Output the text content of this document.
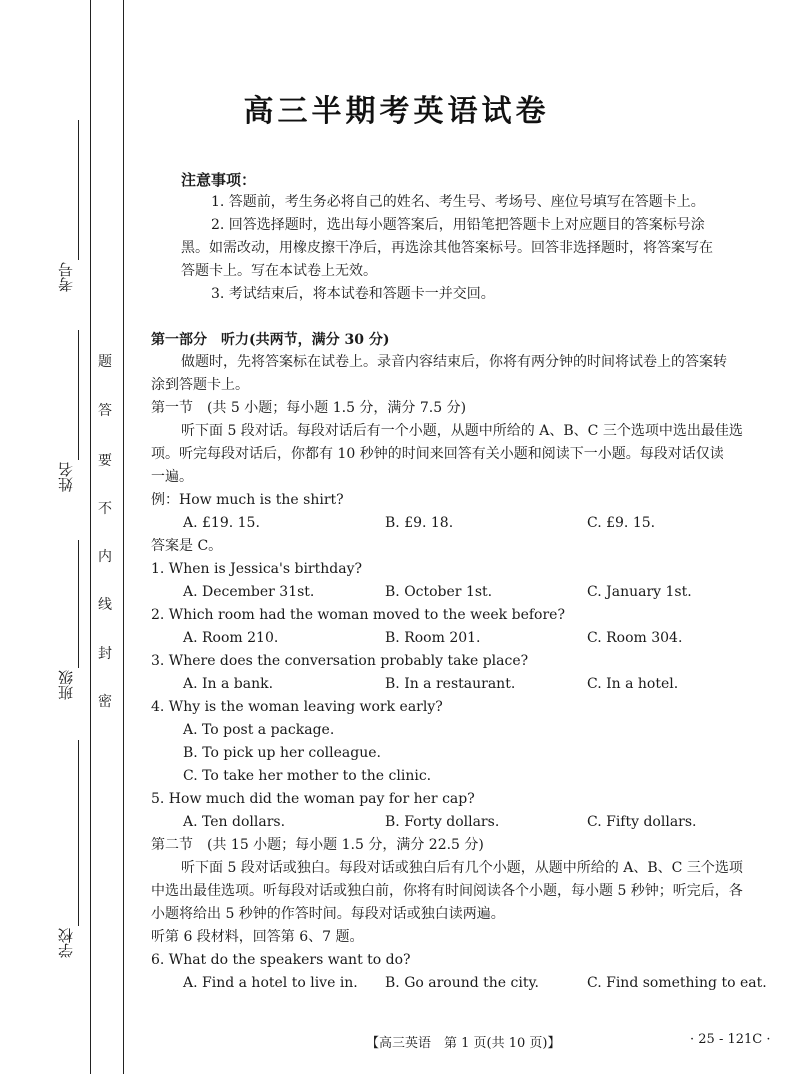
考号
姓名
班级
学校
题
答
要
不
内
线
封
密
高三半期考英语试卷
注意事项：
1. 答题前，考生务必将自己的姓名、考生号、考场号、座位号填写在答题卡上。
2. 回答选择题时，选出每小题答案后，用铅笔把答题卡上对应题目的答案标号涂
黑。如需改动，用橡皮擦干净后，再选涂其他答案标号。回答非选择题时，将答案写在
答题卡上。写在本试卷上无效。
3. 考试结束后，将本试卷和答题卡一并交回。
第一部分　听力(共两节，满分 30 分)
做题时，先将答案标在试卷上。录音内容结束后，你将有两分钟的时间将试卷上的答案转
涂到答题卡上。
第一节　(共 5 小题；每小题 1.5 分，满分 7.5 分)
听下面 5 段对话。每段对话后有一个小题，从题中所给的 A、B、C 三个选项中选出最佳选
项。听完每段对话后，你都有 10 秒钟的时间来回答有关小题和阅读下一小题。每段对话仅读
一遍。
例：How much is the shirt?
A. £19. 15.	B. £9. 18.	C. £9. 15.
答案是 C。
1. When is Jessica's birthday?
A. December 31st.	B. October 1st.	C. January 1st.
2. Which room had the woman moved to the week before?
A. Room 210.	B. Room 201.	C. Room 304.
3. Where does the conversation probably take place?
A. In a bank.	B. In a restaurant.	C. In a hotel.
4. Why is the woman leaving work early?
A. To post a package.
B. To pick up her colleague.
C. To take her mother to the clinic.
5. How much did the woman pay for her cap?
A. Ten dollars.	B. Forty dollars.	C. Fifty dollars.
第二节　(共 15 小题；每小题 1.5 分，满分 22.5 分)
听下面 5 段对话或独白。每段对话或独白后有几个小题，从题中所给的 A、B、C 三个选项
中选出最佳选项。听每段对话或独白前，你将有时间阅读各个小题，每小题 5 秒钟；听完后，各
小题将给出 5 秒钟的作答时间。每段对话或独白读两遍。
听第 6 段材料，回答第 6、7 题。
6. What do the speakers want to do?
A. Find a hotel to live in. B. Go around the city.	C. Find something to eat.
【高三英语　第 1 页(共 10 页)】	· 25 - 121C ·
